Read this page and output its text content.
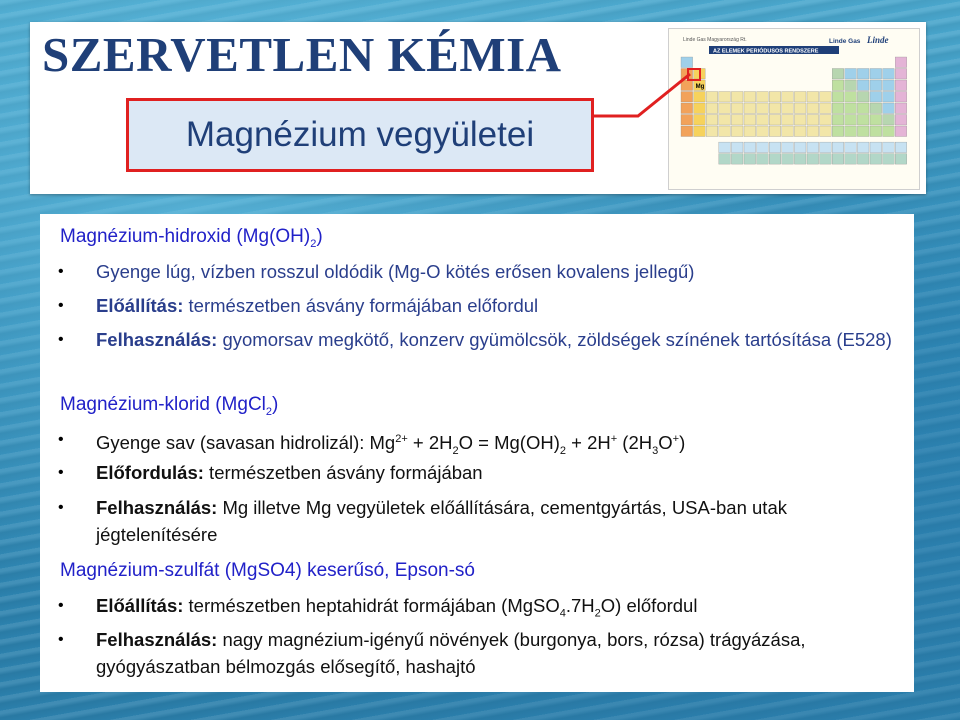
SZERVETLEN KÉMIA
Magnézium vegyületei
Linde Gas Magyarország Rt.	Linde Gas Linde
AZ ELEMEK PERIÓDUSOS RENDSZERE
Mg
Magnézium-hidroxid $(Mg(OH)_2)$
• Gyenge lúg, vízben rosszul oldódik (Mg-O kötés erősen kovalens jellegű)
• Előállítás: természetben ásvány formájában előfordul
• Felhasználás: gyomorsav megkötő, konzerv gyümölcsök, zöldségek színének tartósítása (E528)
Magnézium-klorid (MgCl$_2$)
• Gyenge sav (savasan hidrolizál): $Mg^{2+} + 2H_2O = Mg(OH)_2 + 2H^+$ $(2H_3O^+)$
• Előfordulás: természetben ásvány formájában
• Felhasználás: Mg illetve Mg vegyületek előállítására, cementgyártás, USA-ban utak jégtelenítésére
Magnézium-szulfát (MgSO4) keserűsó, Epson-só
• Előállítás: természetben heptahidrát formájában $(MgSO_4.7H_2O)$ előfordul
• Felhasználás: nagy magnézium-igényű növények (burgonya, bors, rózsa) trágyázása, gyógyászatban bélmozgás elősegítő, hashajtó
